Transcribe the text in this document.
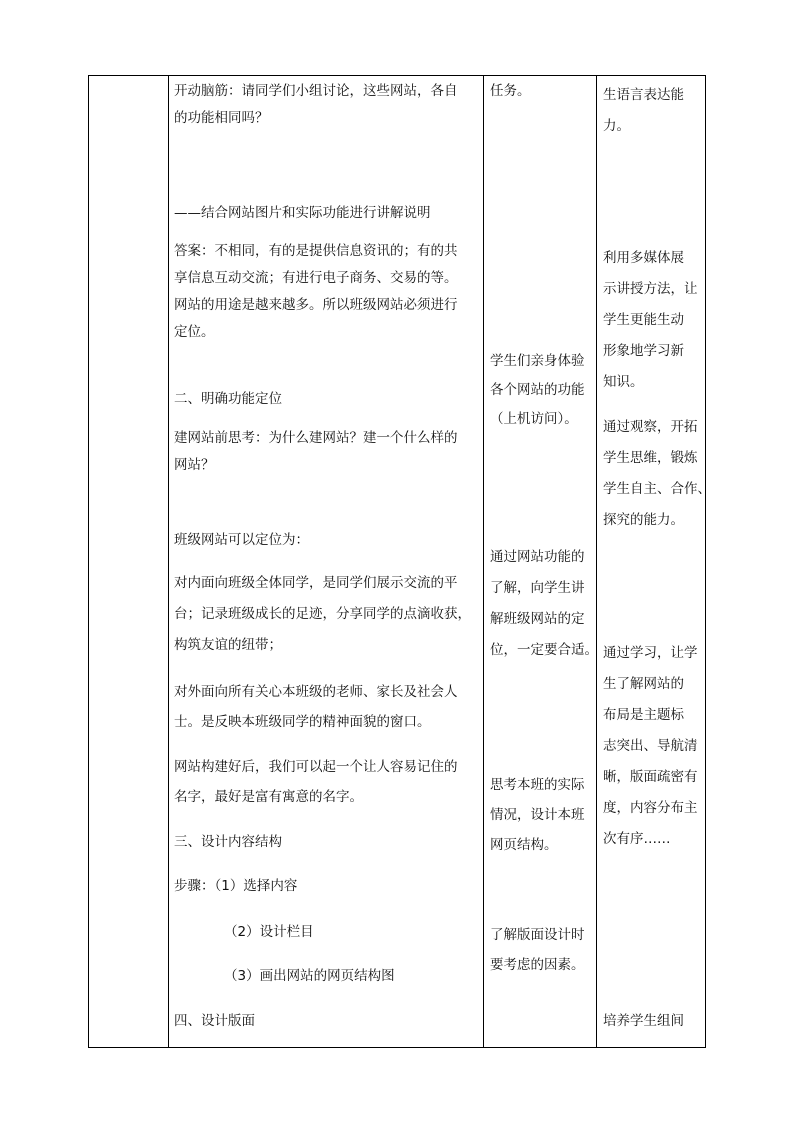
开动脑筋：请同学们小组讨论，这些网站，各自
的功能相同吗？
——结合网站图片和实际功能进行讲解说明
答案：不相同，有的是提供信息资讯的；有的共
享信息互动交流；有进行电子商务、交易的等。
网站的用途是越来越多。所以班级网站必须进行
定位。
二、明确功能定位
建网站前思考：为什么建网站？建一个什么样的
网站？
班级网站可以定位为：
对内面向班级全体同学，是同学们展示交流的平
台；记录班级成长的足迹，分享同学的点滴收获，
构筑友谊的纽带；
对外面向所有关心本班级的老师、家长及社会人
士。是反映本班级同学的精神面貌的窗口。
网站构建好后，我们可以起一个让人容易记住的
名字，最好是富有寓意的名字。
三、设计内容结构
步骤：（1）选择内容
（2）设计栏目
（3）画出网站的网页结构图
四、设计版面
任务。
学生们亲身体验
各个网站的功能
（上机访问）。
通过网站功能的
了解，向学生讲
解班级网站的定
位，一定要合适。
思考本班的实际
情况，设计本班
网页结构。
了解版面设计时
要考虑的因素。
生语言表达能
力。
利用多媒体展
示讲授方法，让
学生更能生动
形象地学习新
知识。
通过观察，开拓
学生思维，锻炼
学生自主、合作、
探究的能力。
通过学习，让学
生了解网站的
布局是主题标
志突出、导航清
晰，版面疏密有
度，内容分布主
次有序……
培养学生组间
